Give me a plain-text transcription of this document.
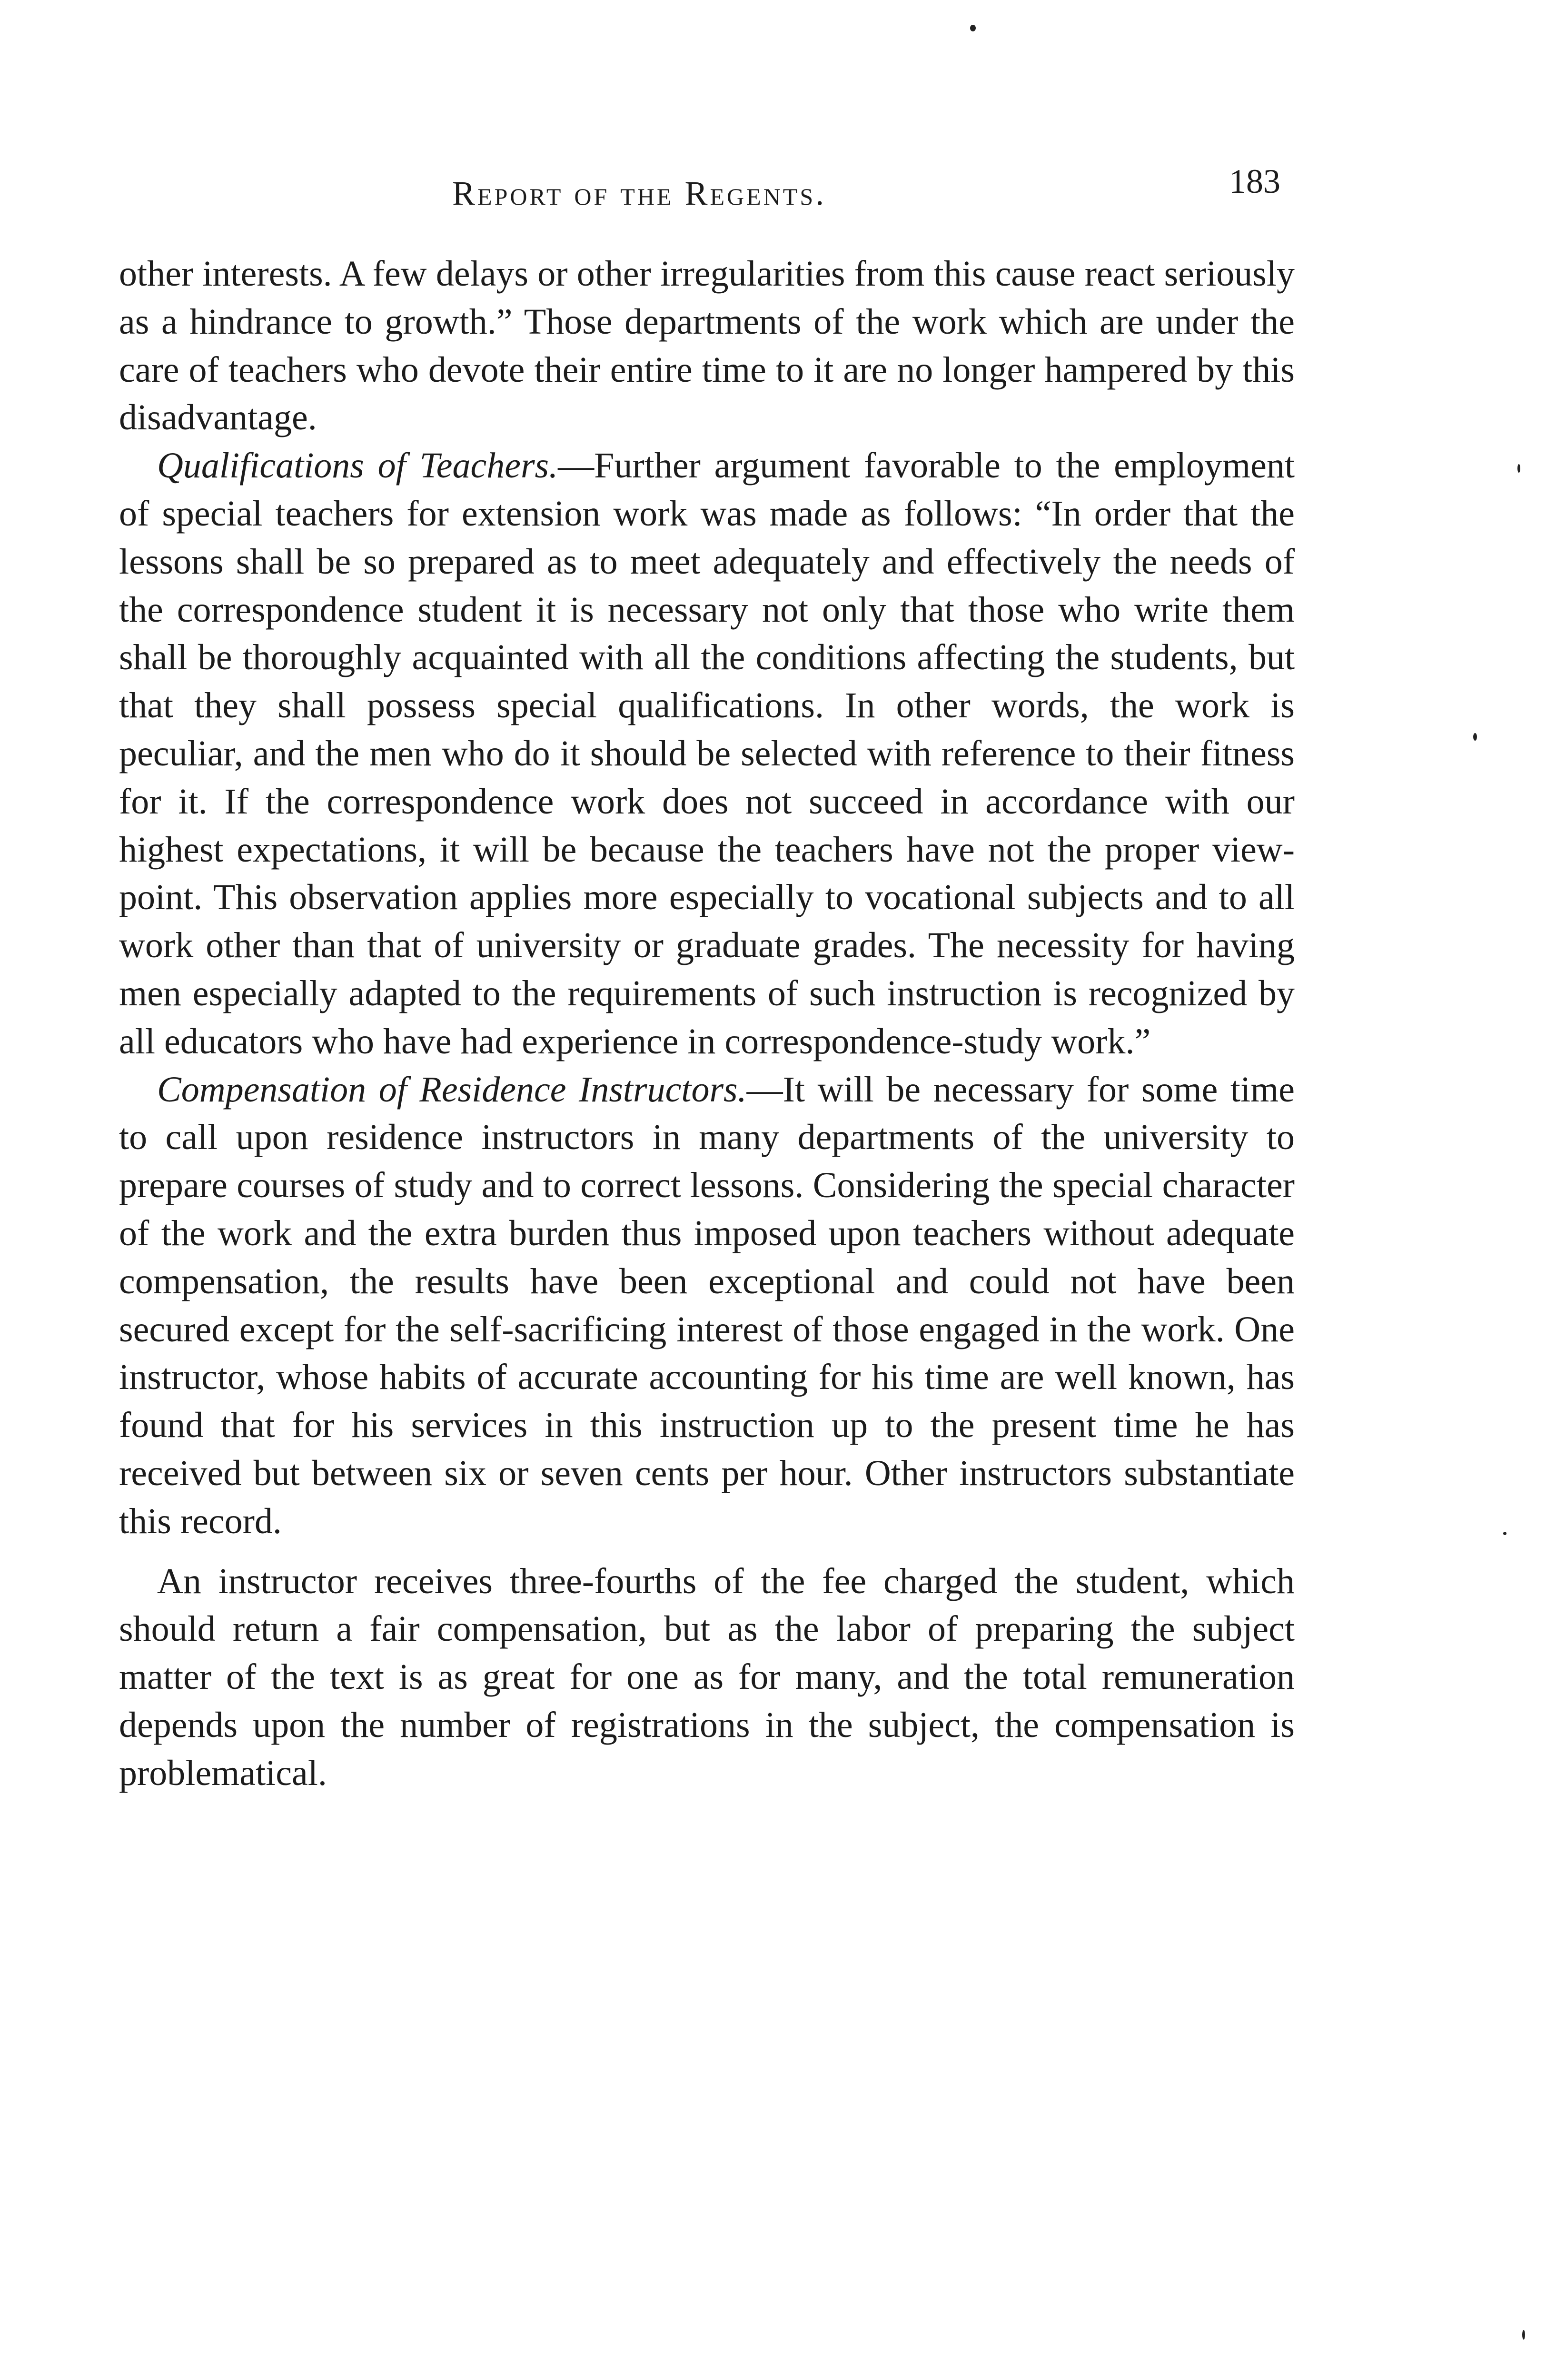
Report of the Regents.	183

other interests. A few delays or other irregularities from this cause react seriously as a hindrance to growth.” Those departments of the work which are under the care of teachers who devote their entire time to it are no longer hampered by this disadvantage.

Qualifications of Teachers.—Further argument favorable to the employment of special teachers for extension work was made as follows: “In order that the lessons shall be so prepared as to meet adequately and effectively the needs of the correspondence student it is necessary not only that those who write them shall be thoroughly acquainted with all the conditions affecting the students, but that they shall possess special qualifications. In other words, the work is peculiar, and the men who do it should be selected with reference to their fitness for it. If the correspondence work does not succeed in accordance with our highest expectations, it will be because the teachers have not the proper view-point. This observation applies more especially to vocational subjects and to all work other than that of university or graduate grades. The necessity for having men especially adapted to the requirements of such instruction is recognized by all educators who have had experience in correspondence-study work.”

Compensation of Residence Instructors.—It will be necessary for some time to call upon residence instructors in many departments of the university to prepare courses of study and to correct lessons. Considering the special character of the work and the extra burden thus imposed upon teachers without adequate compensation, the results have been exceptional and could not have been secured except for the self-sacrificing interest of those engaged in the work. One instructor, whose habits of accurate accounting for his time are well known, has found that for his services in this instruction up to the present time he has received but between six or seven cents per hour. Other instructors substantiate this record.

An instructor receives three-fourths of the fee charged the student, which should return a fair compensation, but as the labor of preparing the subject matter of the text is as great for one as for many, and the total remuneration depends upon the number of registrations in the subject, the compensation is problematical.
